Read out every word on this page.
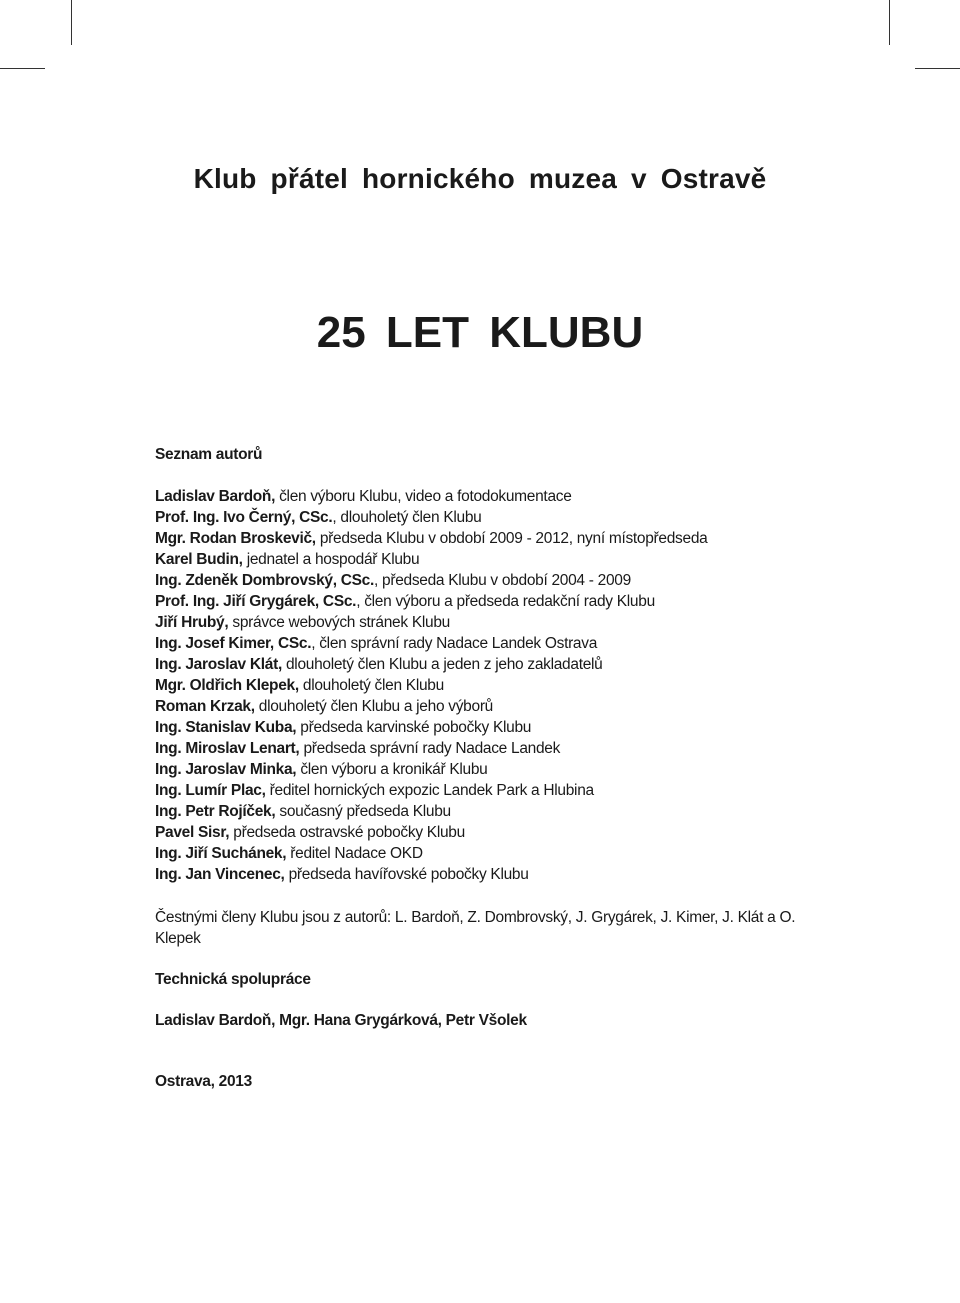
Klub přátel hornického muzea v Ostravě
25 LET KLUBU
Seznam autorů
Ladislav Bardoň, člen výboru Klubu, video a fotodokumentace
Prof. Ing. Ivo Černý, CSc., dlouholetý člen Klubu
Mgr. Rodan Broskevič, předseda Klubu v období 2009 - 2012, nyní místopředseda
Karel Budin, jednatel a hospodář Klubu
Ing. Zdeněk Dombrovský, CSc., předseda Klubu v období 2004 - 2009
Prof. Ing. Jiří Grygárek, CSc., člen výboru a předseda redakční rady Klubu
Jiří Hrubý, správce webových stránek Klubu
Ing. Josef Kimer, CSc., člen správní rady Nadace Landek Ostrava
Ing. Jaroslav Klát, dlouholetý člen Klubu a jeden z jeho zakladatelů
Mgr. Oldřich Klepek, dlouholetý člen Klubu
Roman Krzak, dlouholetý člen Klubu a jeho výborů
Ing. Stanislav Kuba, předseda karvinské pobočky Klubu
Ing. Miroslav Lenart, předseda správní rady Nadace Landek
Ing. Jaroslav Minka, člen výboru a kronikář Klubu
Ing. Lumír Plac, ředitel hornických expozic Landek Park a Hlubina
Ing. Petr Rojíček, současný předseda Klubu
Pavel Sisr, předseda ostravské pobočky Klubu
Ing. Jiří Suchánek, ředitel Nadace OKD
Ing. Jan Vincenec, předseda havířovské pobočky Klubu
Čestnými členy Klubu jsou z autorů: L. Bardoň, Z. Dombrovský, J. Grygárek, J. Kimer, J. Klát a O. Klepek
Technická spolupráce
Ladislav Bardoň, Mgr. Hana Grygárková, Petr Všolek
Ostrava, 2013
